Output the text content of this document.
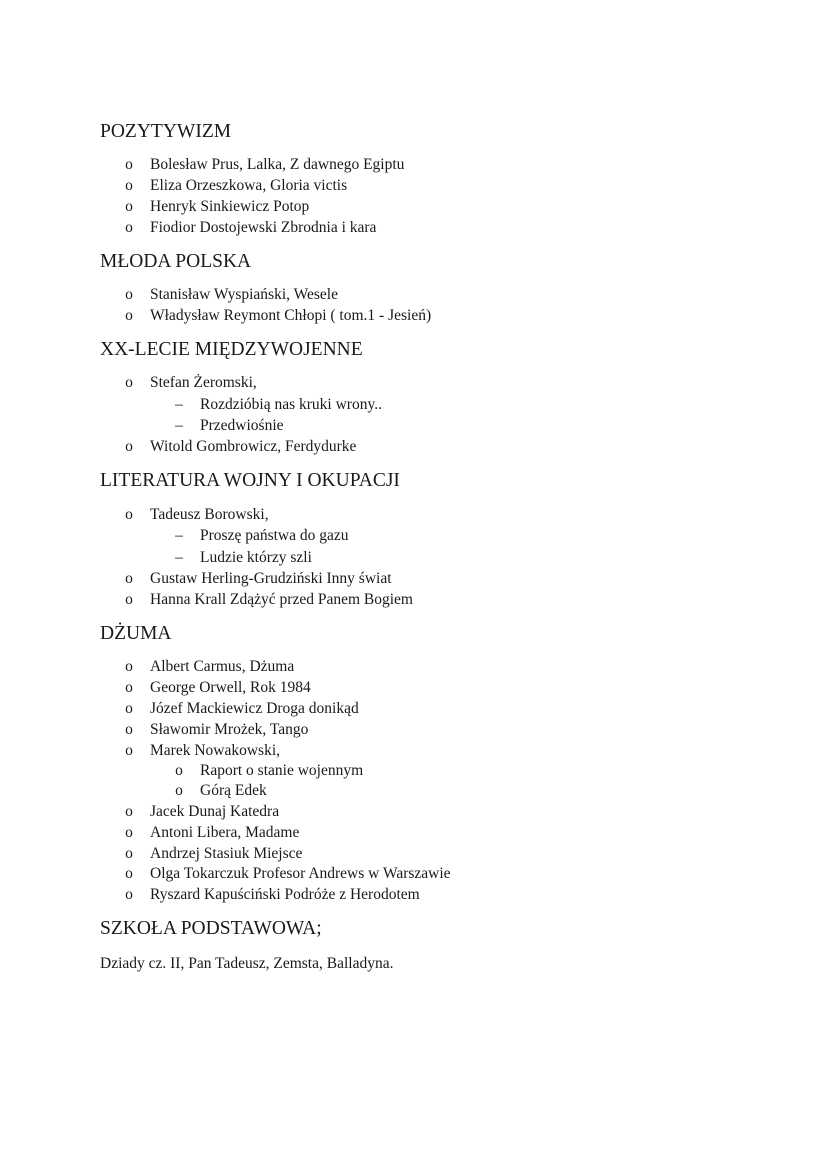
POZYTYWIZM
o Bolesław Prus, Lalka, Z dawnego Egiptu
o Eliza Orzeszkowa, Gloria victis
o Henryk Sinkiewicz Potop
o Fiodior Dostojewski Zbrodnia i kara
MŁODA POLSKA
o Stanisław Wyspiański, Wesele
o Władysław Reymont Chłopi ( tom.1 - Jesień)
XX-LECIE MIĘDZYWOJENNE
o Stefan Żeromski,
– Rozdzióbią nas kruki wrony..
– Przedwiośnie
o Witold Gombrowicz, Ferdydurke
LITERATURA WOJNY I OKUPACJI
o Tadeusz Borowski,
– Proszę państwa do gazu
– Ludzie którzy szli
o Gustaw Herling-Grudziński Inny świat
o Hanna Krall Zdążyć przed Panem Bogiem
DŻUMA
o Albert Carmus, Dżuma
o George Orwell, Rok 1984
o Józef Mackiewicz Droga donikąd
o Sławomir Mrożek, Tango
o Marek Nowakowski,
o Raport o stanie wojennym
o Górą Edek
o Jacek Dunaj Katedra
o Antoni Libera, Madame
o Andrzej Stasiuk Miejsce
o Olga Tokarczuk Profesor Andrews w Warszawie
o Ryszard Kapuściński Podróże z Herodotem
SZKOŁA PODSTAWOWA;
Dziady cz. II, Pan Tadeusz, Zemsta, Balladyna.
